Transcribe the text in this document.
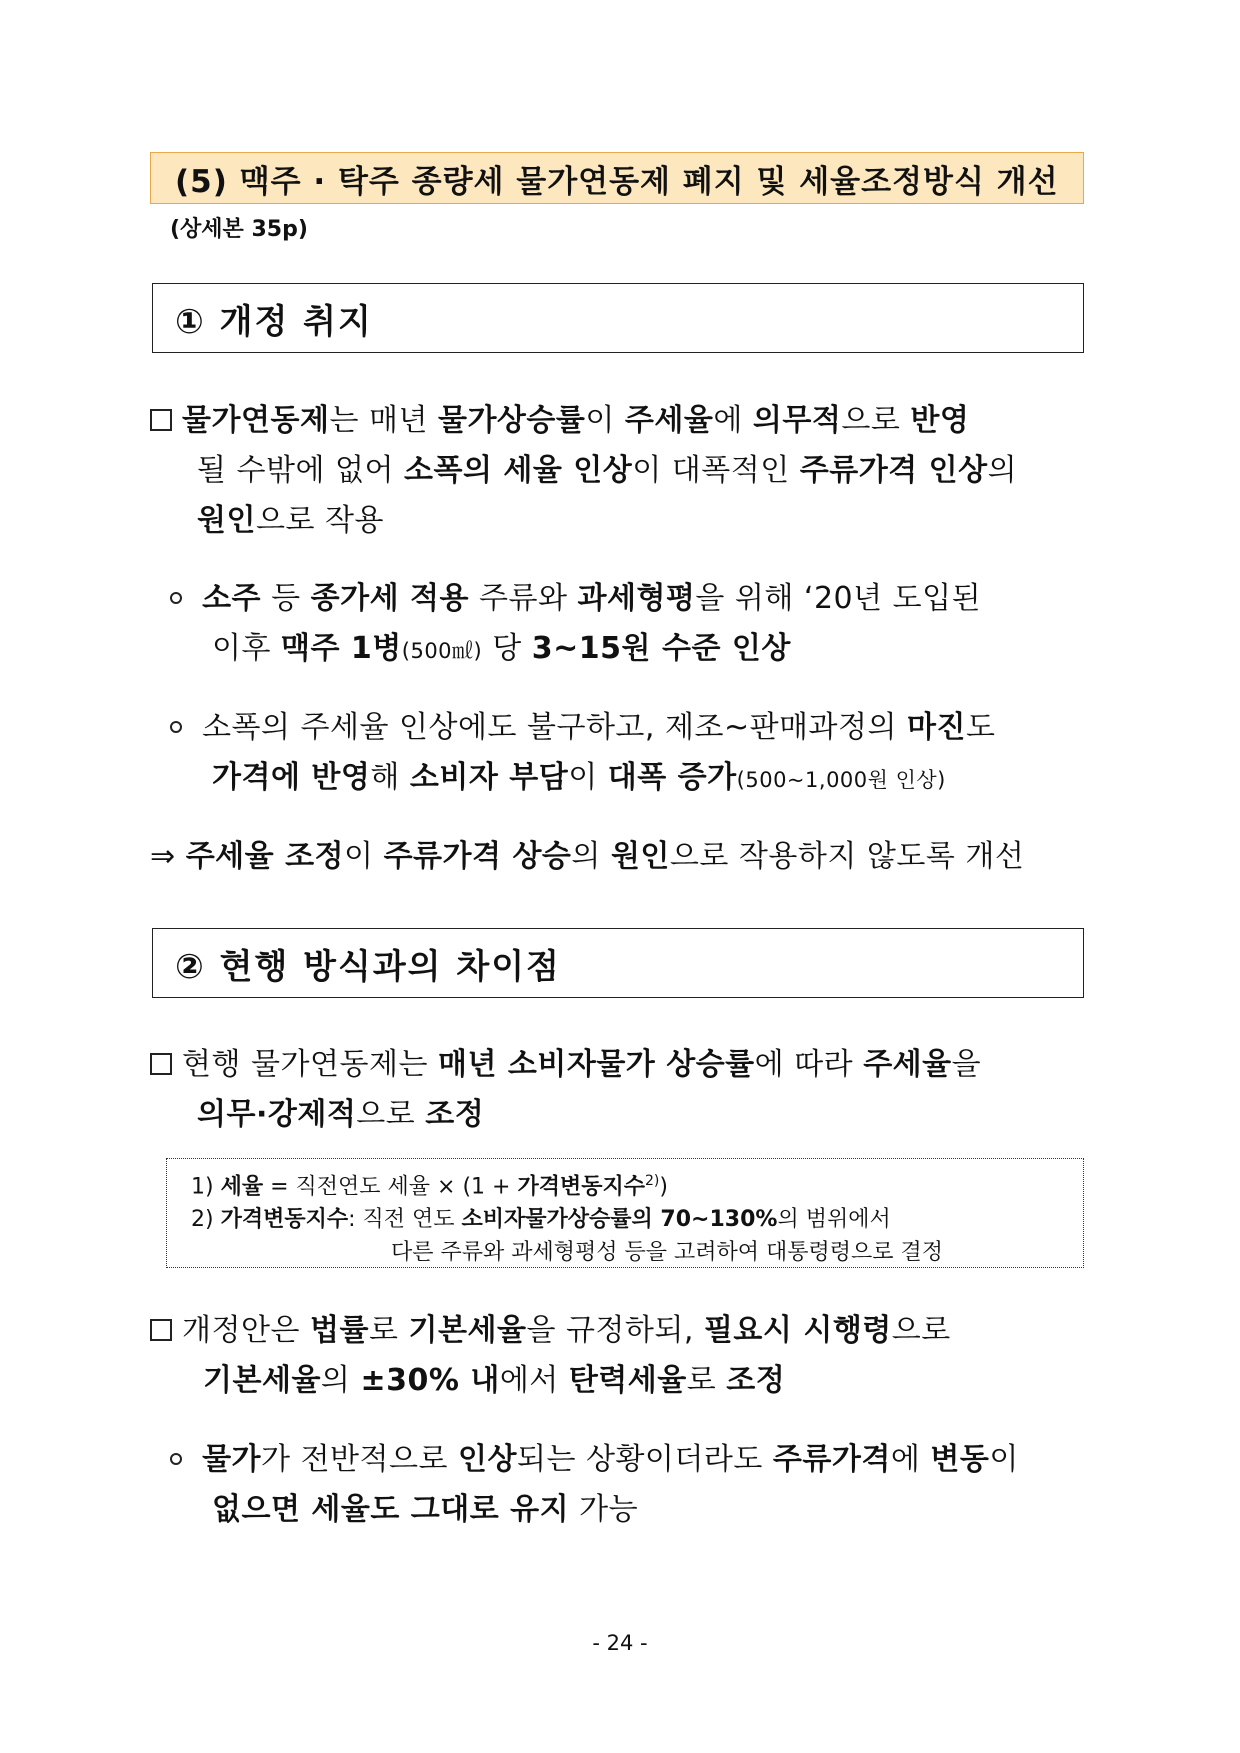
(5) 맥주 · 탁주 종량세 물가연동제 폐지 및 세율조정방식 개선
(상세본 35p)
① 개정 취지
물가연동제는 매년 물가상승률이 주세율에 의무적으로 반영
될 수밖에 없어 소폭의 세율 인상이 대폭적인 주류가격 인상의
원인으로 작용
소주 등 종가세 적용 주류와 과세형평을 위해 ‘20년 도입된
이후 맥주 1병(500㎖) 당 3~15원 수준 인상
소폭의 주세율 인상에도 불구하고, 제조~판매과정의 마진도
가격에 반영해 소비자 부담이 대폭 증가(500~1,000원 인상)
⇒ 주세율 조정이 주류가격 상승의 원인으로 작용하지 않도록 개선
② 현행 방식과의 차이점
현행 물가연동제는 매년 소비자물가 상승률에 따라 주세율을
의무·강제적으로 조정
1) 세율 = 직전연도 세율 × (1 + 가격변동지수$^{2)}$)
2) 가격변동지수: 직전 연도 소비자물가상승률의 70~130%의 범위에서
다른 주류와 과세형평성 등을 고려하여 대통령령으로 결정
개정안은 법률로 기본세율을 규정하되, 필요시 시행령으로
기본세율의 ±30% 내에서 탄력세율로 조정
물가가 전반적으로 인상되는 상황이더라도 주류가격에 변동이
없으면 세율도 그대로 유지 가능
- 24 -
